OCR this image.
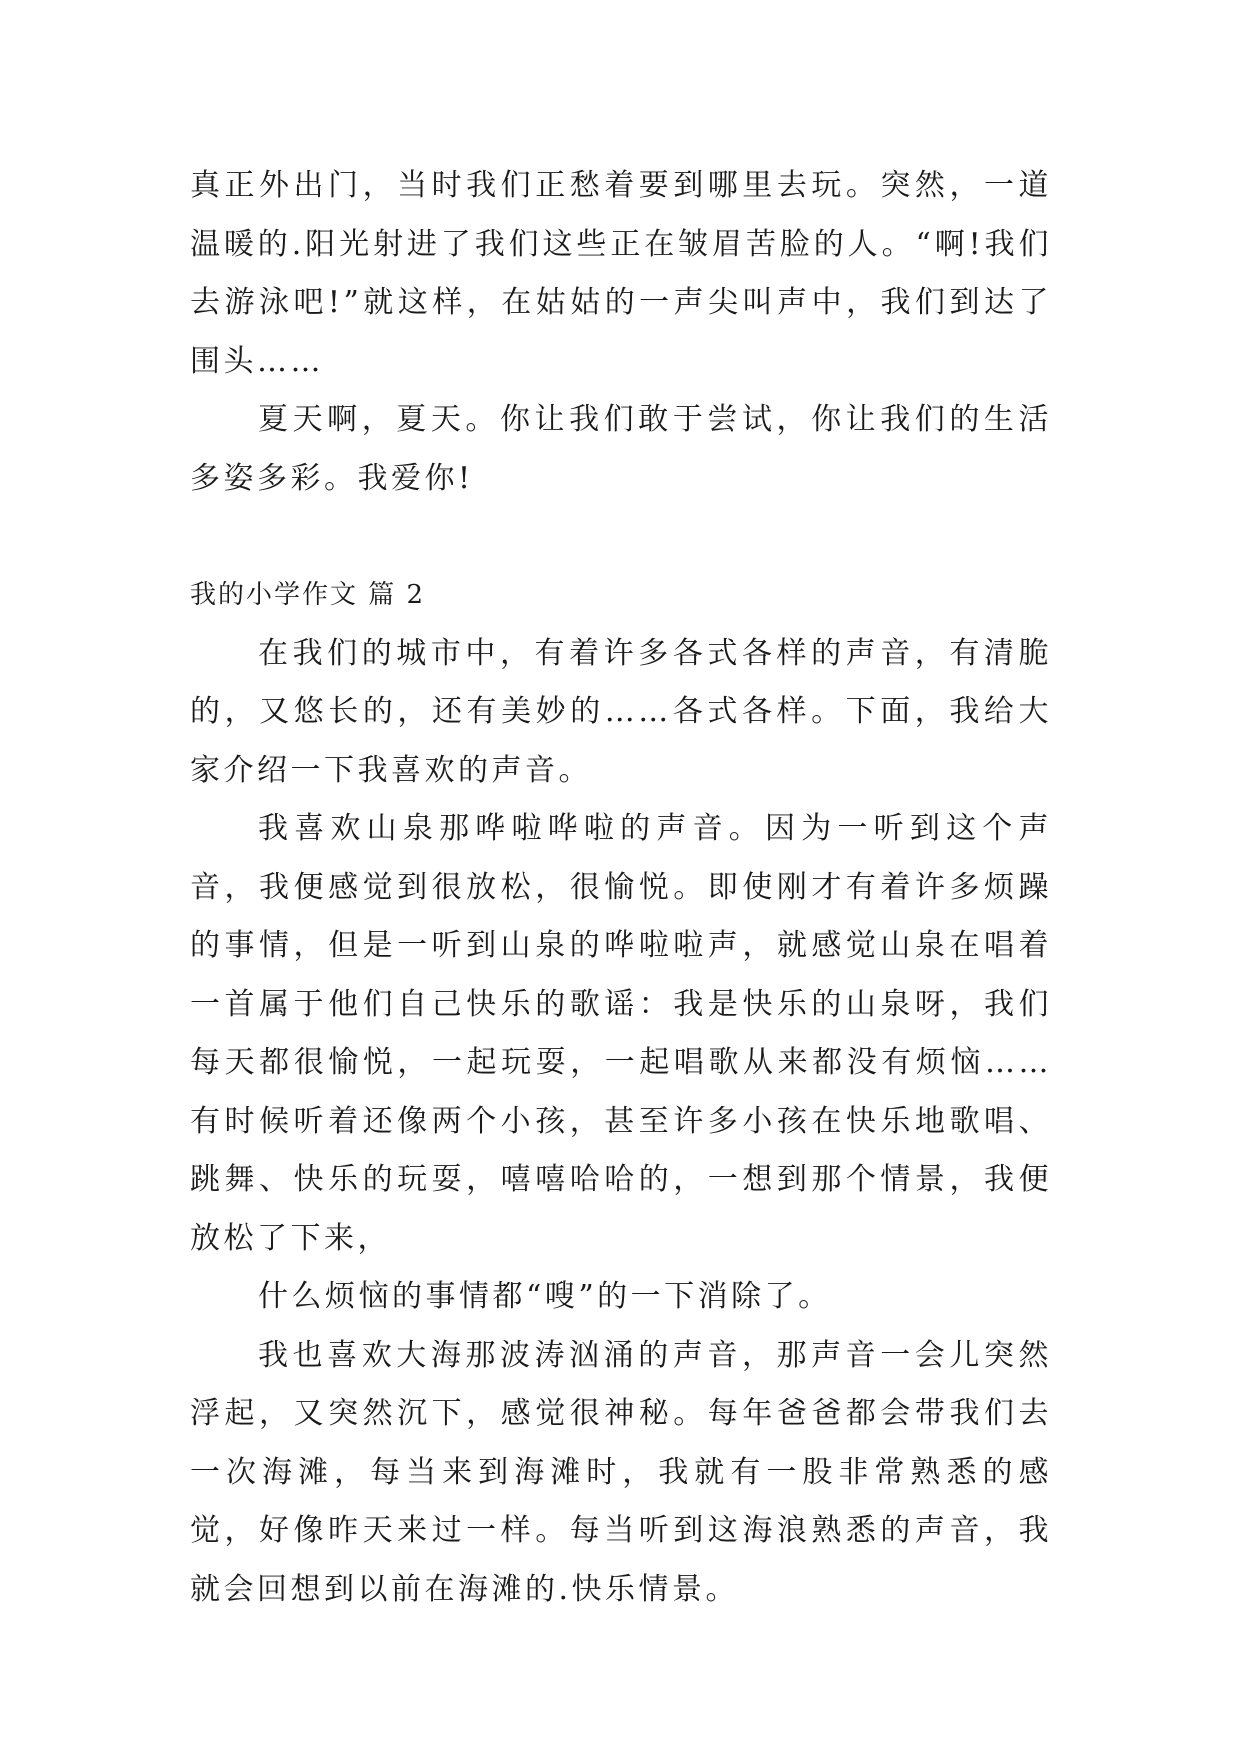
真正外出门，当时我们正愁着要到哪里去玩。突然，一道温暖的.阳光射进了我们这些正在皱眉苦脸的人。“啊!我们去游泳吧!”就这样，在姑姑的一声尖叫声中，我们到达了围头……

夏天啊，夏天。你让我们敢于尝试，你让我们的生活多姿多彩。我爱你!

我的小学作文 篇 2

在我们的城市中，有着许多各式各样的声音，有清脆的，又悠长的，还有美妙的……各式各样。下面，我给大家介绍一下我喜欢的声音。

我喜欢山泉那哗啦哗啦的声音。因为一听到这个声音，我便感觉到很放松，很愉悦。即使刚才有着许多烦躁的事情，但是一听到山泉的哗啦啦声，就感觉山泉在唱着一首属于他们自己快乐的歌谣：我是快乐的山泉呀，我们每天都很愉悦，一起玩耍，一起唱歌从来都没有烦恼……有时候听着还像两个小孩，甚至许多小孩在快乐地歌唱、跳舞、快乐的玩耍，嘻嘻哈哈的，一想到那个情景，我便放松了下来，

什么烦恼的事情都“嗖”的一下消除了。

我也喜欢大海那波涛汹涌的声音，那声音一会儿突然浮起，又突然沉下，感觉很神秘。每年爸爸都会带我们去一次海滩，每当来到海滩时，我就有一股非常熟悉的感觉，好像昨天来过一样。每当听到这海浪熟悉的声音，我就会回想到以前在海滩的.快乐情景。
